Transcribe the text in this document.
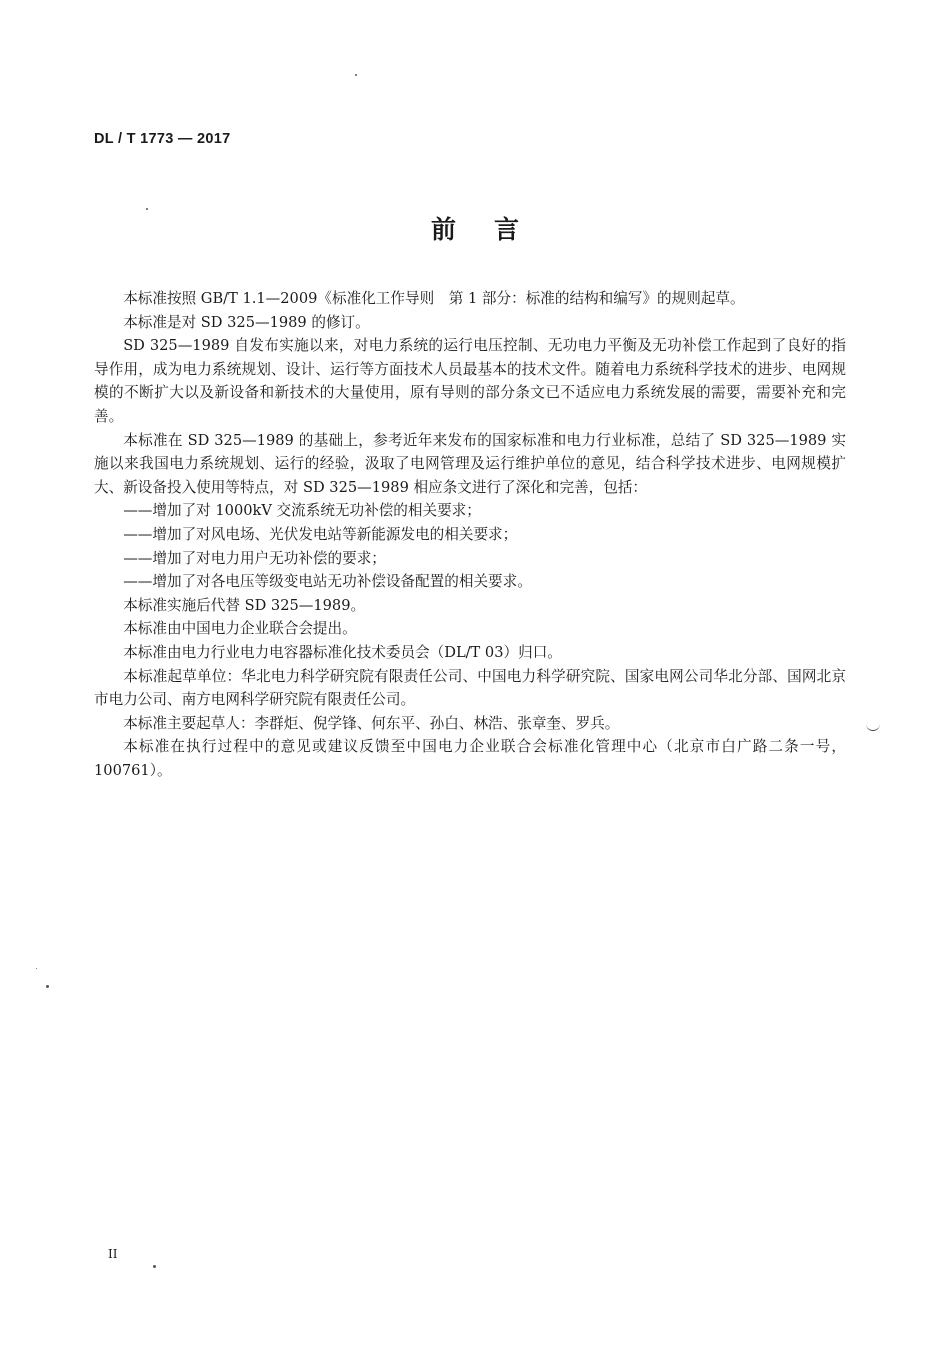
DL / T 1773 — 2017
前言

本标准按照 GB/T 1.1—2009《标准化工作导则　第 1 部分：标准的结构和编写》的规则起草。

本标准是对 SD 325—1989 的修订。

SD 325—1989 自发布实施以来，对电力系统的运行电压控制、无功电力平衡及无功补偿工作起到了良好的指导作用，成为电力系统规划、设计、运行等方面技术人员最基本的技术文件。随着电力系统科学技术的进步、电网规模的不断扩大以及新设备和新技术的大量使用，原有导则的部分条文已不适应电力系统发展的需要，需要补充和完善。

本标准在 SD 325—1989 的基础上，参考近年来发布的国家标准和电力行业标准，总结了 SD 325—1989 实施以来我国电力系统规划、运行的经验，汲取了电网管理及运行维护单位的意见，结合科学技术进步、电网规模扩大、新设备投入使用等特点，对 SD 325—1989 相应条文进行了深化和完善，包括：

——增加了对 1000kV 交流系统无功补偿的相关要求；

——增加了对风电场、光伏发电站等新能源发电的相关要求；

——增加了对电力用户无功补偿的要求；

——增加了对各电压等级变电站无功补偿设备配置的相关要求。

本标准实施后代替 SD 325—1989。

本标准由中国电力企业联合会提出。

本标准由电力行业电力电容器标准化技术委员会（DL/T 03）归口。

本标准起草单位：华北电力科学研究院有限责任公司、中国电力科学研究院、国家电网公司华北分部、国网北京市电力公司、南方电网科学研究院有限责任公司。

本标准主要起草人：李群炬、倪学锋、何东平、孙白、林浩、张章奎、罗兵。

本标准在执行过程中的意见或建议反馈至中国电力企业联合会标准化管理中心（北京市白广路二条一号，100761）。

II
